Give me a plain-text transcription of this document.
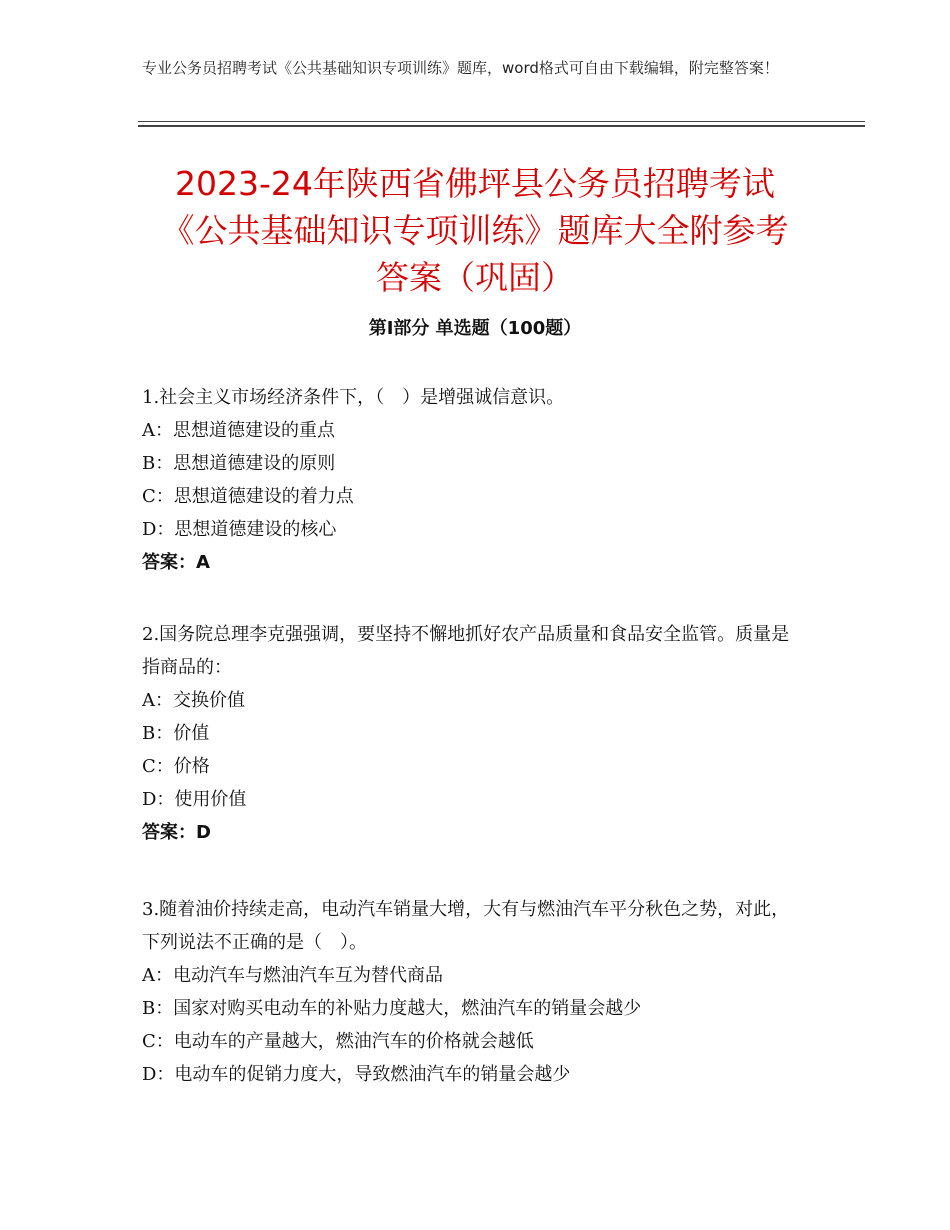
专业公务员招聘考试《公共基础知识专项训练》题库，word格式可自由下载编辑，附完整答案！
2023-24年陕西省佛坪县公务员招聘考试
《公共基础知识专项训练》题库大全附参考
答案（巩固）
第Ⅰ部分 单选题（100题）

1.社会主义市场经济条件下，（　）是增强诚信意识。

A：思想道德建设的重点

B：思想道德建设的原则

C：思想道德建设的着力点

D：思想道德建设的核心

答案：A

2.国务院总理李克强强调，要坚持不懈地抓好农产品质量和食品安全监管。质量是指商品的：

A：交换价值

B：价值

C：价格

D：使用价值

答案：D

3.随着油价持续走高，电动汽车销量大增，大有与燃油汽车平分秋色之势，对此，下列说法不正确的是（　）。

A：电动汽车与燃油汽车互为替代商品

B：国家对购买电动车的补贴力度越大，燃油汽车的销量会越少

C：电动车的产量越大，燃油汽车的价格就会越低

D：电动车的促销力度大，导致燃油汽车的销量会越少
